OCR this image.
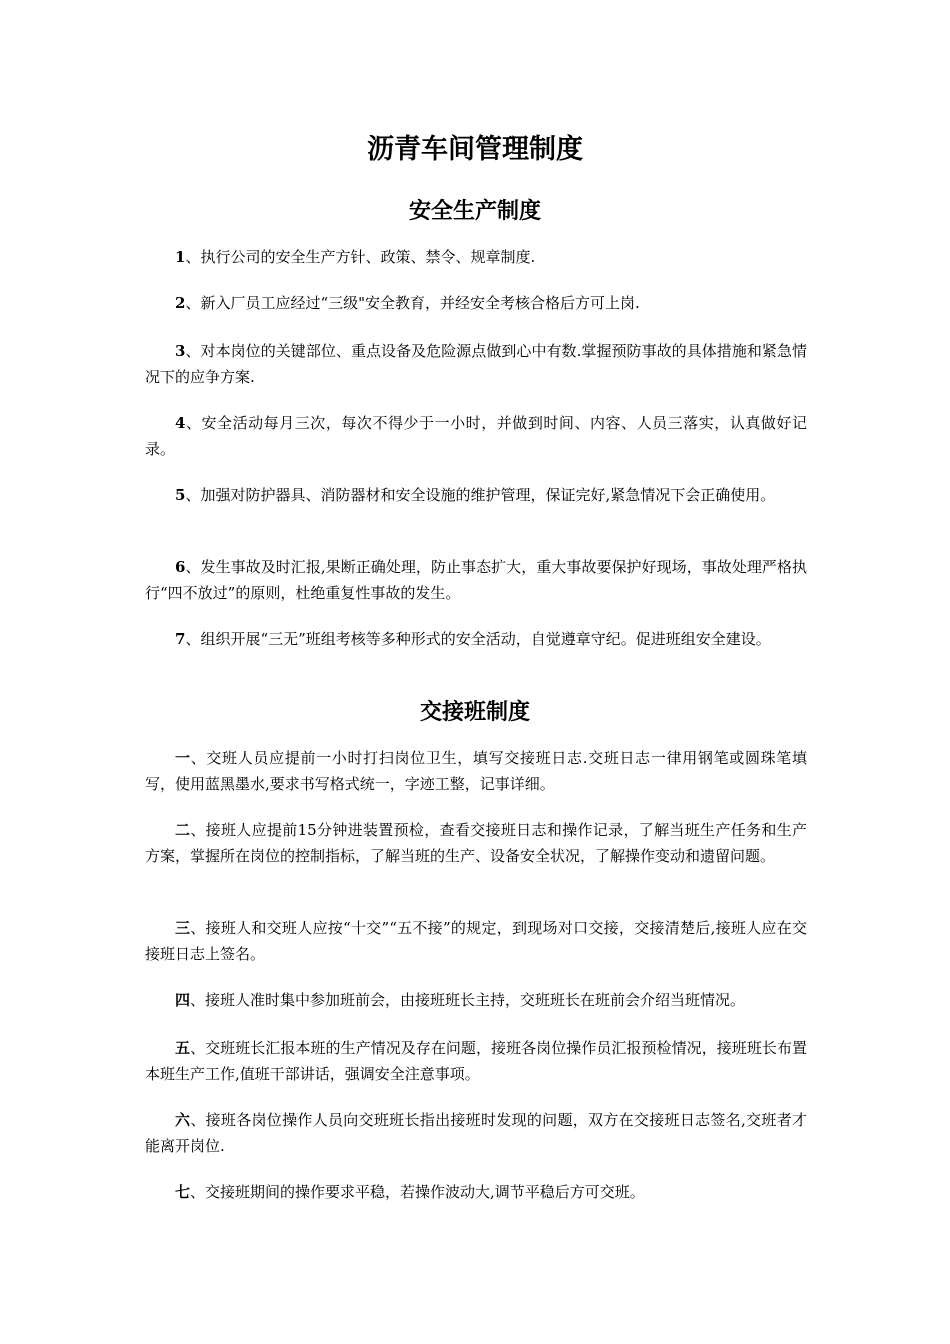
沥青车间管理制度
安全生产制度

1、执行公司的安全生产方针、政策、禁令、规章制度.

2、新入厂员工应经过“三级"安全教育，并经安全考核合格后方可上岗.

3、对本岗位的关键部位、重点设备及危险源点做到心中有数.掌握预防事故的具体措施和紧急情况下的应争方案.

4、安全活动每月三次，每次不得少于一小时，并做到时间、内容、人员三落实，认真做好记录。

5、加强对防护器具、消防器材和安全设施的维护管理，保证完好,紧急情况下会正确使用。

6、发生事故及时汇报,果断正确处理，防止事态扩大，重大事故要保护好现场，事故处理严格执行“四不放过”的原则，杜绝重复性事故的发生。

7、组织开展“三无”班组考核等多种形式的安全活动，自觉遵章守纪。促进班组安全建设。

交接班制度

一、交班人员应提前一小时打扫岗位卫生，填写交接班日志.交班日志一律用钢笔或圆珠笔填写，使用蓝黑墨水,要求书写格式统一，字迹工整，记事详细。

二、接班人应提前15分钟进装置预检，查看交接班日志和操作记录，了解当班生产任务和生产方案，掌握所在岗位的控制指标，了解当班的生产、设备安全状况，了解操作变动和遗留问题。

三、接班人和交班人应按“十交”“五不接”的规定，到现场对口交接，交接清楚后,接班人应在交接班日志上签名。

四、接班人准时集中参加班前会，由接班班长主持，交班班长在班前会介绍当班情况。

五、交班班长汇报本班的生产情况及存在问题，接班各岗位操作员汇报预检情况，接班班长布置本班生产工作,值班干部讲话，强调安全注意事项。

六、接班各岗位操作人员向交班班长指出接班时发现的问题，双方在交接班日志签名,交班者才能离开岗位.

七、交接班期间的操作要求平稳，若操作波动大,调节平稳后方可交班。
